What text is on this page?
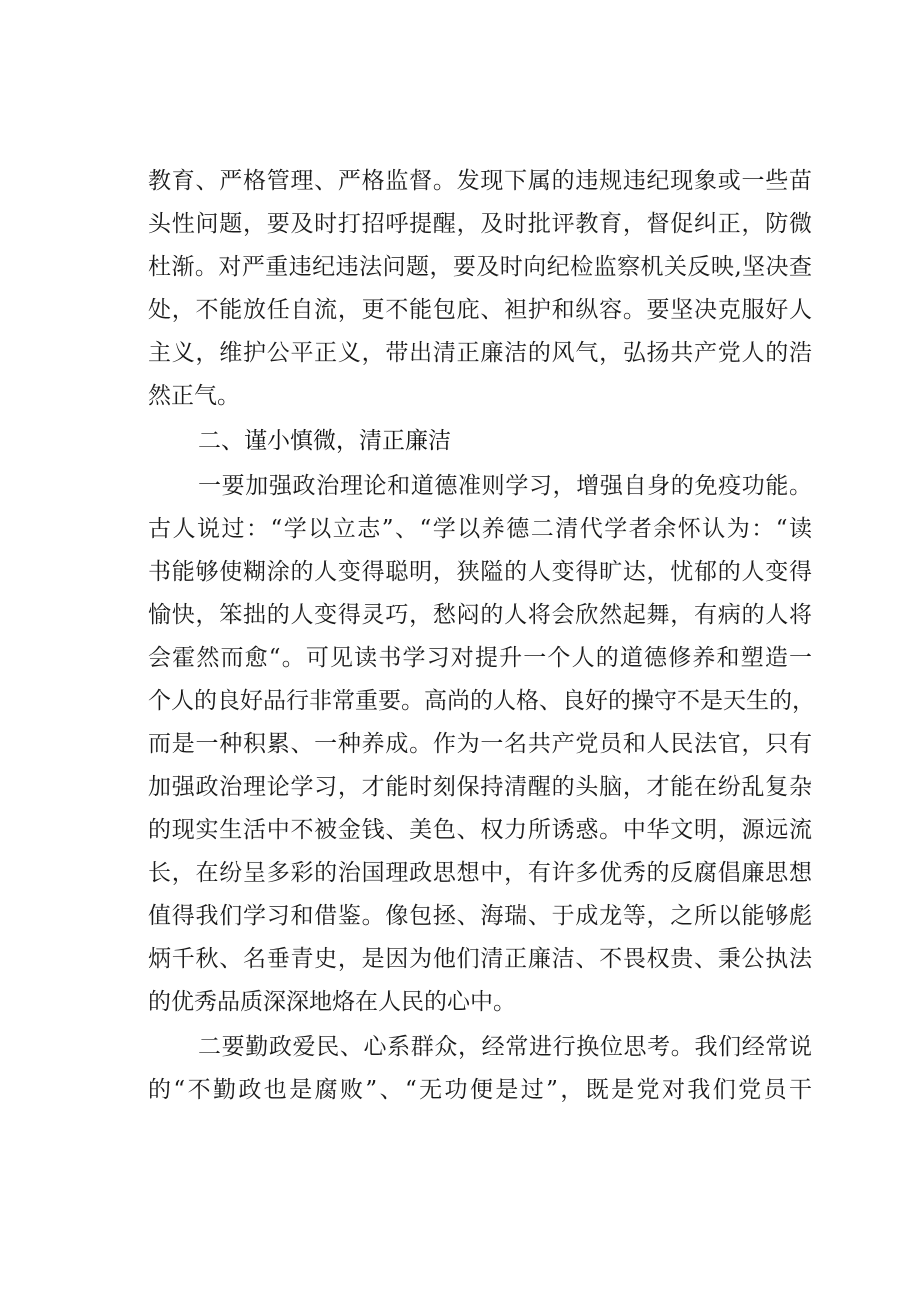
教育、严格管理、严格监督。发现下属的违规违纪现象或一些苗
头性问题，要及时打招呼提醒，及时批评教育，督促纠正，防微
杜渐。对严重违纪违法问题，要及时向纪检监察机关反映,坚决查
处，不能放任自流，更不能包庇、袒护和纵容。要坚决克服好人
主义，维护公平正义，带出清正廉洁的风气，弘扬共产党人的浩
然正气。
二、谨小慎微，清正廉洁
一要加强政治理论和道德准则学习，增强自身的免疫功能。
古人说过：“学以立志”、“学以养德二清代学者余怀认为：“读
书能够使糊涂的人变得聪明，狭隘的人变得旷达，忧郁的人变得
愉快，笨拙的人变得灵巧，愁闷的人将会欣然起舞，有病的人将
会霍然而愈“。可见读书学习对提升一个人的道德修养和塑造一
个人的良好品行非常重要。高尚的人格、良好的操守不是天生的，
而是一种积累、一种养成。作为一名共产党员和人民法官，只有
加强政治理论学习，才能时刻保持清醒的头脑，才能在纷乱复杂
的现实生活中不被金钱、美色、权力所诱惑。中华文明，源远流
长，在纷呈多彩的治国理政思想中，有许多优秀的反腐倡廉思想
值得我们学习和借鉴。像包拯、海瑞、于成龙等，之所以能够彪
炳千秋、名垂青史，是因为他们清正廉洁、不畏权贵、秉公执法
的优秀品质深深地烙在人民的心中。
二要勤政爱民、心系群众，经常进行换位思考。我们经常说
的“不勤政也是腐败”、“无功便是过”，既是党对我们党员干
